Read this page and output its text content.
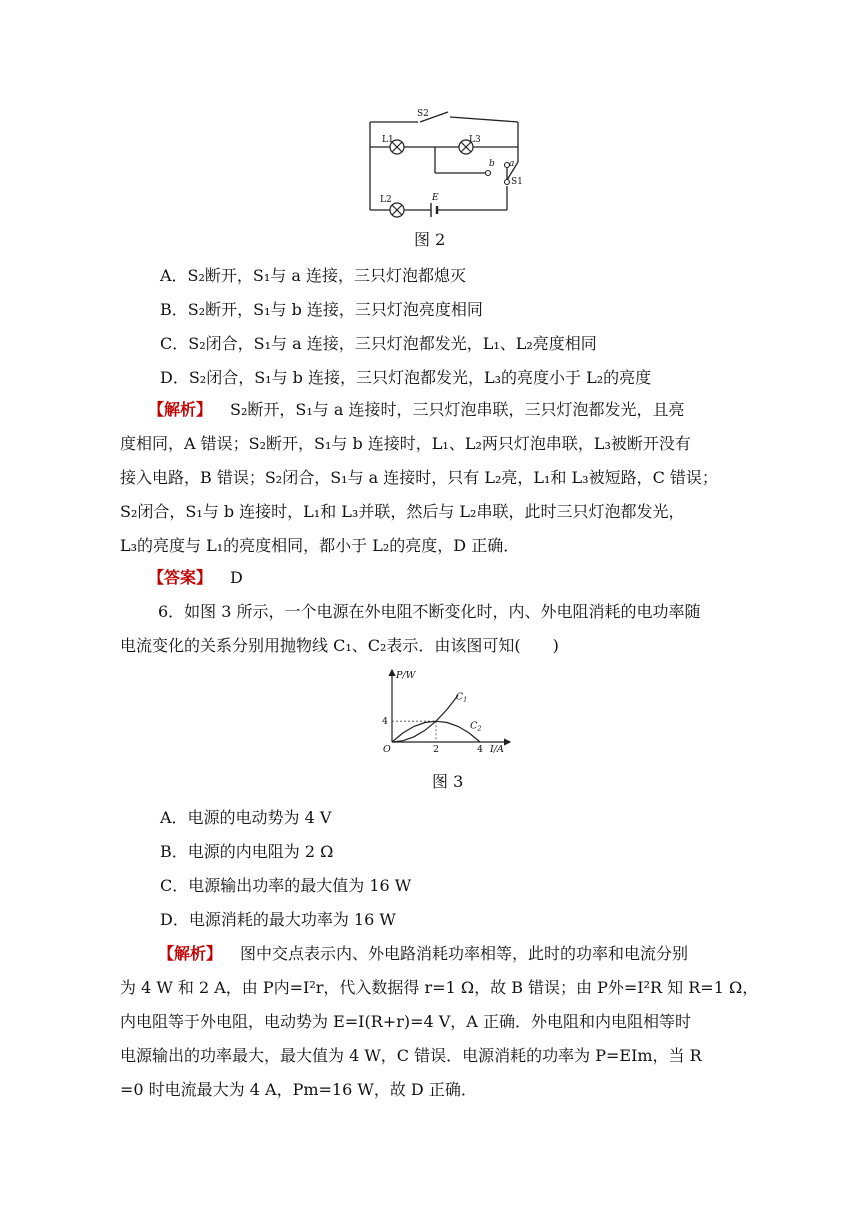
S2
L1	L3
L2	E
b a
S1
图 2
A．S₂断开，S₁与 a 连接，三只灯泡都熄灭
B．S₂断开，S₁与 b 连接，三只灯泡亮度相同
C．S₂闭合，S₁与 a 连接，三只灯泡都发光，L₁、L₂亮度相同
D．S₂闭合，S₁与 b 连接，三只灯泡都发光，L₃的亮度小于 L₂的亮度
【解析】 S₂断开，S₁与 a 连接时，三只灯泡串联，三只灯泡都发光，且亮
度相同，A 错误；S₂断开，S₁与 b 连接时，L₁、L₂两只灯泡串联，L₃被断开没有
接入电路，B 错误；S₂闭合，S₁与 a 连接时，只有 L₂亮，L₁和 L₃被短路，C 错误；
S₂闭合，S₁与 b 连接时，L₁和 L₃并联，然后与 L₂串联，此时三只灯泡都发光，
L₃的亮度与 L₁的亮度相同，都小于 L₂的亮度，D 正确．
【答案】 D
6．如图 3 所示，一个电源在外电阻不断变化时，内、外电阻消耗的电功率随
电流变化的关系分别用抛物线 C₁、C₂表示．由该图可知(　　)
P/W
I/A
O	2	4
4
$C_1$
$C_2$
图 3
A．电源的电动势为 4 V
B．电源的内电阻为 2 Ω
C．电源输出功率的最大值为 16 W
D．电源消耗的最大功率为 16 W
【解析】 图中交点表示内、外电路消耗功率相等，此时的功率和电流分别
为 4 W 和 2 A，由 P内=I²r，代入数据得 r=1 Ω，故 B 错误；由 P外=I²R 知 R=1 Ω，
内电阻等于外电阻，电动势为 E=I(R+r)=4 V，A 正确．外电阻和内电阻相等时
电源输出的功率最大，最大值为 4 W，C 错误．电源消耗的功率为 P=EIm，当 R
=0 时电流最大为 4 A，Pm=16 W，故 D 正确．
